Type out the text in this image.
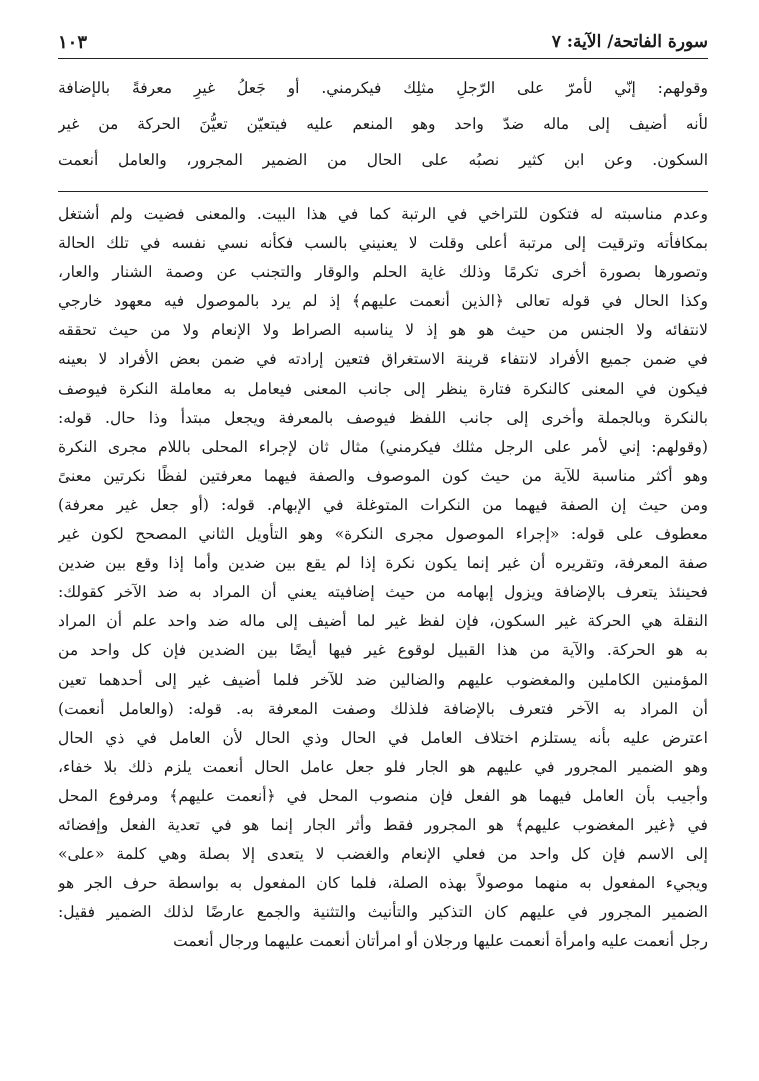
سورة الفاتحة/ الآية: ٧
١٠٣
وقولهم: إنّي لأمرّ على الرّجلِ مثلِك فيكرمني. أو جَعلُ غيرِ معرفةً بالإضافة
لأنه أضيف إلى ماله ضدّ واحد وهو المنعم عليه فيتعيّن تعيُّنَ الحركة من غير
السكون. وعن ابن كثير نصبُه على الحال من الضمير المجرور، والعامل أنعمت
وعدم مناسبته له فتكون للتراخي في الرتبة كما في هذا البيت. والمعنى فضيت ولم أشتغل
بمكافأته وترقيت إلى مرتبة أعلى وقلت لا يعنيني بالسب فكأنه نسي نفسه في تلك الحالة
وتصورها بصورة أخرى تكرمًا وذلك غاية الحلم والوقار والتجنب عن وصمة الشنار والعار،
وكذا الحال في قوله تعالى ﴿الذين أنعمت عليهم﴾ إذ لم يرد بالموصول فيه معهود خارجي
لانتفائه ولا الجنس من حيث هو هو إذ لا يناسبه الصراط ولا الإنعام ولا من حيث تحققه
في ضمن جميع الأفراد لانتفاء قرينة الاستغراق فتعين إرادته في ضمن بعض الأفراد لا بعينه
فيكون في المعنى كالنكرة فتارة ينظر إلى جانب المعنى فيعامل به معاملة النكرة فيوصف
بالنكرة وبالجملة وأخرى إلى جانب اللفظ فيوصف بالمعرفة ويجعل مبتدأ وذا حال. قوله:
(وقولهم: إني لأمر على الرجل مثلك فيكرمني) مثال ثان لإجراء المحلى باللام مجرى النكرة
وهو أكثر مناسبة للآية من حيث كون الموصوف والصفة فيهما معرفتين لفظًا نكرتين معنىً
ومن حيث إن الصفة فيهما من النكرات المتوغلة في الإبهام. قوله: (أو جعل غير معرفة)
معطوف على قوله: «إجراء الموصول مجرى النكرة» وهو التأويل الثاني المصحح لكون غير
صفة المعرفة، وتقريره أن غير إنما يكون نكرة إذا لم يقع بين ضدين وأما إذا وقع بين ضدين
فحينئذ يتعرف بالإضافة ويزول إبهامه من حيث إضافيته يعني أن المراد به ضد الآخر كقولك:
النقلة هي الحركة غير السكون، فإن لفظ غير لما أضيف إلى ماله ضد واحد علم أن المراد
به هو الحركة. والآية من هذا القبيل لوقوع غير فيها أيضًا بين الضدين فإن كل واحد من
المؤمنين الكاملين والمغضوب عليهم والضالين ضد للآخر فلما أضيف غير إلى أحدهما تعين
أن المراد به الآخر فتعرف بالإضافة فلذلك وصفت المعرفة به. قوله: (والعامل أنعمت)
اعترض عليه بأنه يستلزم اختلاف العامل في الحال وذي الحال لأن العامل في ذي الحال
وهو الضمير المجرور في عليهم هو الجار فلو جعل عامل الحال أنعمت يلزم ذلك بلا خفاء،
وأجيب بأن العامل فيهما هو الفعل فإن منصوب المحل في ﴿أنعمت عليهم﴾ ومرفوع المحل
في ﴿غير المغضوب عليهم﴾ هو المجرور فقط وأثر الجار إنما هو في تعدية الفعل وإفضائه
إلى الاسم فإن كل واحد من فعلي الإنعام والغضب لا يتعدى إلا بصلة وهي كلمة «على»
ويجيء المفعول به منهما موصولاً بهذه الصلة، فلما كان المفعول به بواسطة حرف الجر هو
الضمير المجرور في عليهم كان التذكير والتأنيث والتثنية والجمع عارضًا لذلك الضمير فقيل:
رجل أنعمت عليه وامرأة أنعمت عليها ورجلان أو امرأتان أنعمت عليهما ورجال أنعمت
